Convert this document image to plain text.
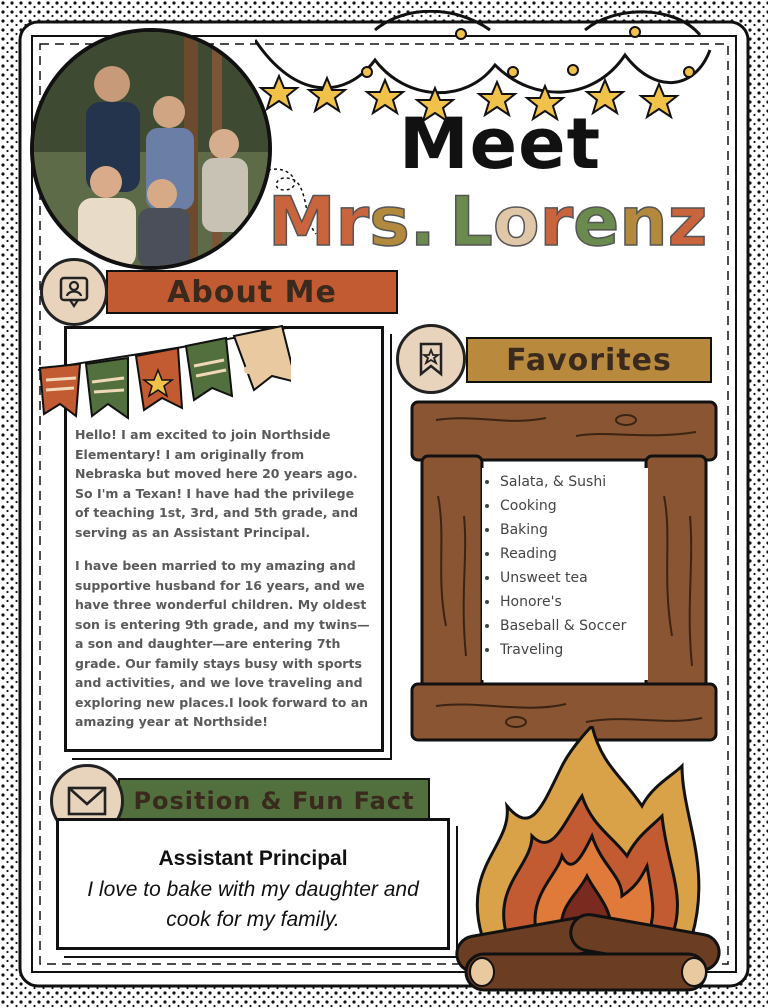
Meet
M r s . L o r e n z
About Me

Hello! I am excited to join Northside Elementary! I am originally from Nebraska but moved here 20 years ago. So I'm a Texan! I have had the privilege of teaching 1st, 3rd, and 5th grade, and serving as an Assistant Principal.

I have been married to my amazing and supportive husband for 16 years, and we have three wonderful children. My oldest son is entering 9th grade, and my twins—a son and daughter—are entering 7th grade. Our family stays busy with sports and activities, and we love traveling and exploring new places.I look forward to an amazing year at Northside!

Favorites
• Salata, & Sushi
• Cooking
• Baking
• Reading
• Unsweet tea
• Honore's
• Baseball & Soccer
• Traveling
Position & Fun Fact
Assistant Principal
I love to bake with my daughter and cook for my family.
